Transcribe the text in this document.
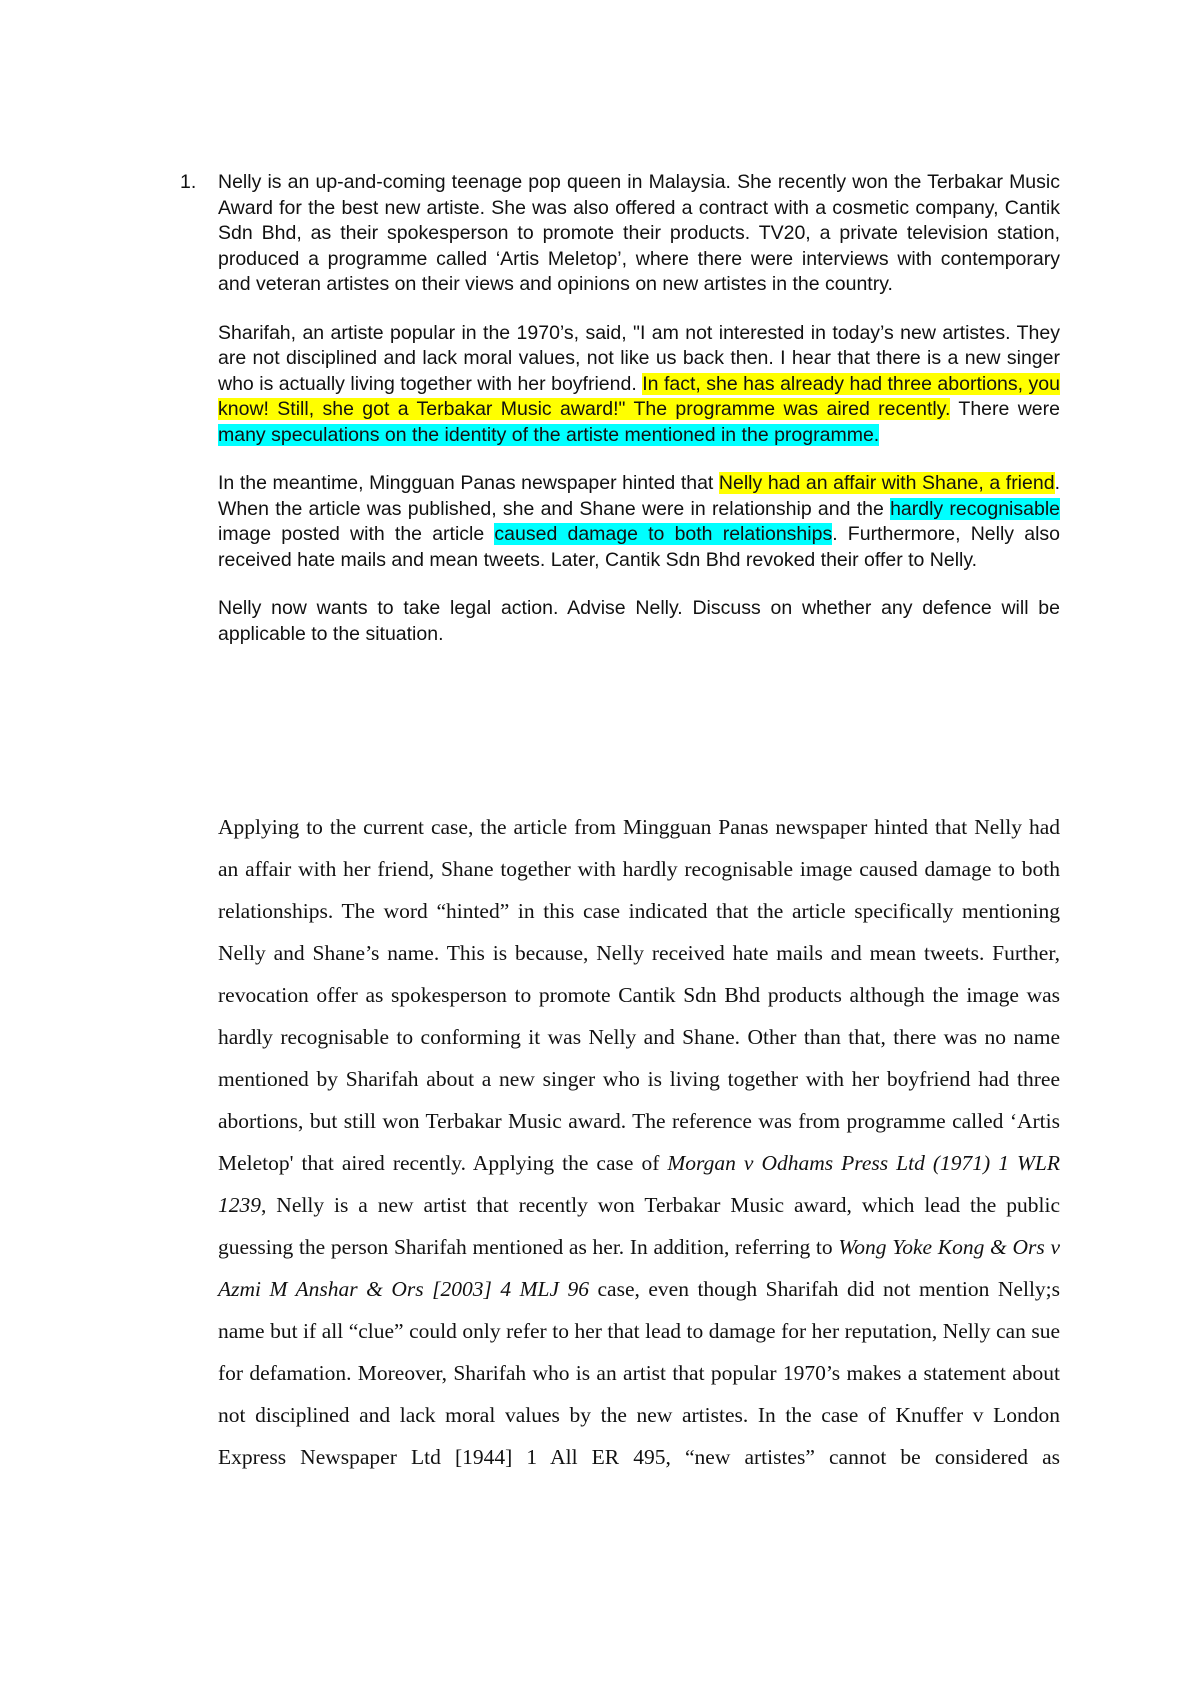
1.	Nelly is an up-and-coming teenage pop queen in Malaysia. She recently won the Terbakar Music Award for the best new artiste. She was also offered a contract with a cosmetic company, Cantik Sdn Bhd, as their spokesperson to promote their products. TV20, a private television station, produced a programme called ‘Artis Meletop’, where there were interviews with contemporary and veteran artistes on their views and opinions on new artistes in the country.

Sharifah, an artiste popular in the 1970’s, said, "I am not interested in today’s new artistes. They are not disciplined and lack moral values, not like us back then. I hear that there is a new singer who is actually living together with her boyfriend. In fact, she has already had three abortions, you know! Still, she got a Terbakar Music award!" The programme was aired recently. There were many speculations on the identity of the artiste mentioned in the programme.

In the meantime, Mingguan Panas newspaper hinted that Nelly had an affair with Shane, a friend. When the article was published, she and Shane were in relationship and the hardly recognisable image posted with the article caused damage to both relationships. Furthermore, Nelly also received hate mails and mean tweets. Later, Cantik Sdn Bhd revoked their offer to Nelly.

Nelly now wants to take legal action. Advise Nelly. Discuss on whether any defence will be applicable to the situation.

Applying to the current case, the article from Mingguan Panas newspaper hinted that Nelly had an affair with her friend, Shane together with hardly recognisable image caused damage to both relationships. The word “hinted” in this case indicated that the article specifically mentioning Nelly and Shane’s name. This is because, Nelly received hate mails and mean tweets. Further, revocation offer as spokesperson to promote Cantik Sdn Bhd products although the image was hardly recognisable to conforming it was Nelly and Shane. Other than that, there was no name mentioned by Sharifah about a new singer who is living together with her boyfriend had three abortions, but still won Terbakar Music award. The reference was from programme called ‘Artis Meletop' that aired recently. Applying the case of Morgan v Odhams Press Ltd (1971) 1 WLR 1239, Nelly is a new artist that recently won Terbakar Music award, which lead the public guessing the person Sharifah mentioned as her. In addition, referring to Wong Yoke Kong & Ors v Azmi M Anshar & Ors [2003] 4 MLJ 96 case, even though Sharifah did not mention Nelly;s name but if all “clue” could only refer to her that lead to damage for her reputation, Nelly can sue for defamation. Moreover, Sharifah who is an artist that popular 1970’s makes a statement about not disciplined and lack moral values by the new artistes. In the case of Knuffer v London Express Newspaper Ltd [1944] 1 All ER 495, “new artistes” cannot be considered as
